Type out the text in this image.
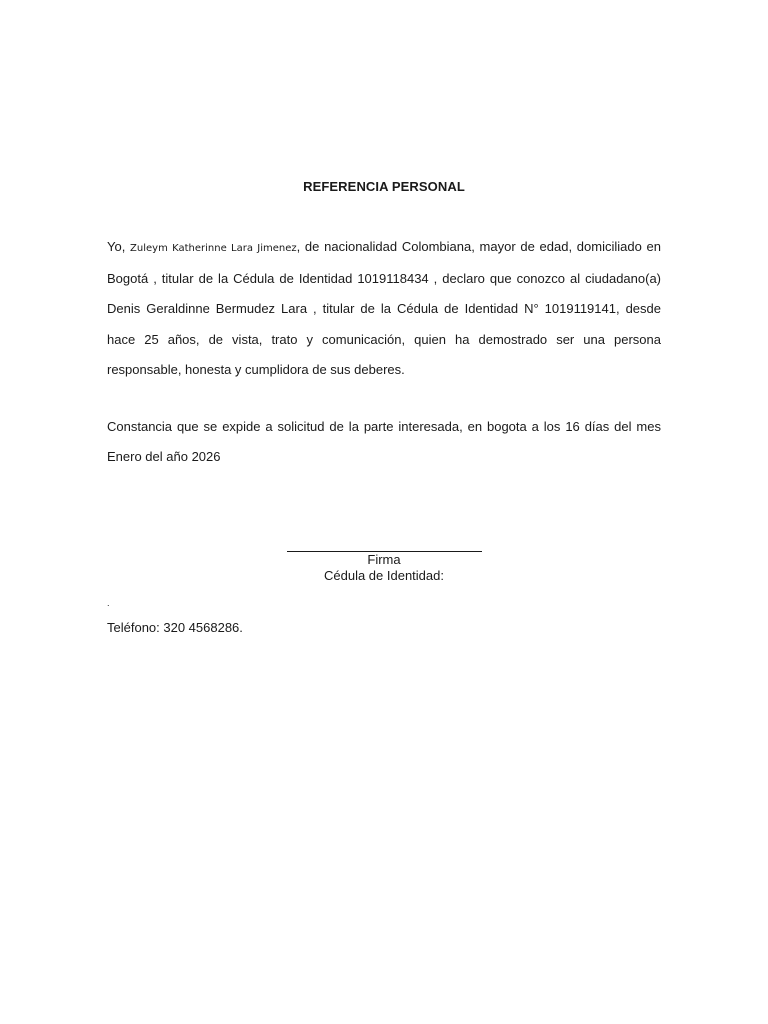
REFERENCIA PERSONAL
Yo, Zuleym Katherinne Lara Jimenez, de nacionalidad Colombiana, mayor de edad, domiciliado en Bogotá , titular de la Cédula de Identidad 1019118434 , declaro que conozco al ciudadano(a) Denis Geraldinne Bermudez Lara , titular de la Cédula de Identidad N° 1019119141, desde hace 25 años, de vista, trato y comunicación, quien ha demostrado ser una persona responsable, honesta y cumplidora de sus deberes.
Constancia que se expide a solicitud de la parte interesada, en bogota a los 16 días del mes Enero del año 2026
Firma
Cédula de Identidad:
.
Teléfono: 320 4568286.
